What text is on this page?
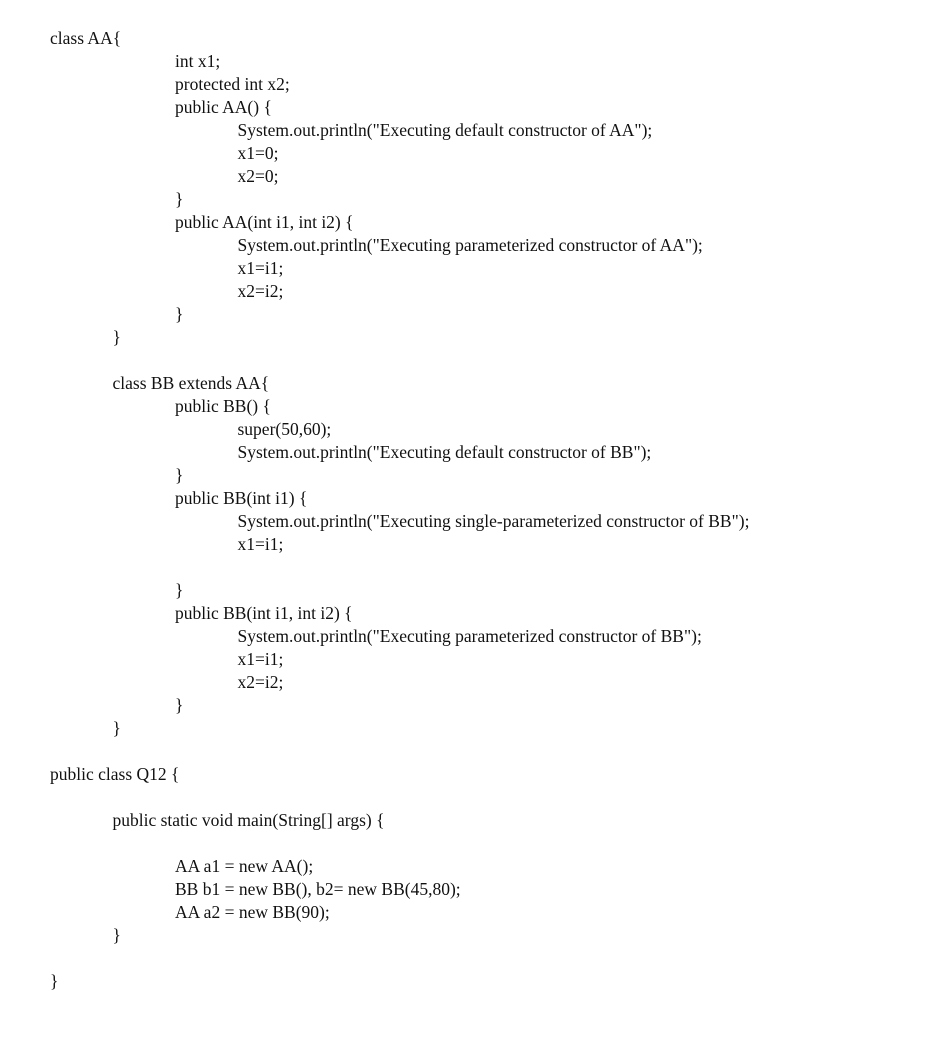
class AA{
int x1;
protected int x2;
public AA() {
System.out.println("Executing default constructor of AA");
x1=0;
x2=0;
}
public AA(int i1, int i2) {
System.out.println("Executing parameterized constructor of AA");
x1=i1;
x2=i2;
}
}

class BB extends AA{
public BB() {
super(50,60);
System.out.println("Executing default constructor of BB");
}
public BB(int i1) {
System.out.println("Executing single-parameterized constructor of BB");
x1=i1;

}
public BB(int i1, int i2) {
System.out.println("Executing parameterized constructor of BB");
x1=i1;
x2=i2;
}
}

public class Q12 {

public static void main(String[] args) {

AA a1 = new AA();
BB b1 = new BB(), b2= new BB(45,80);
AA a2 = new BB(90);
}

}
